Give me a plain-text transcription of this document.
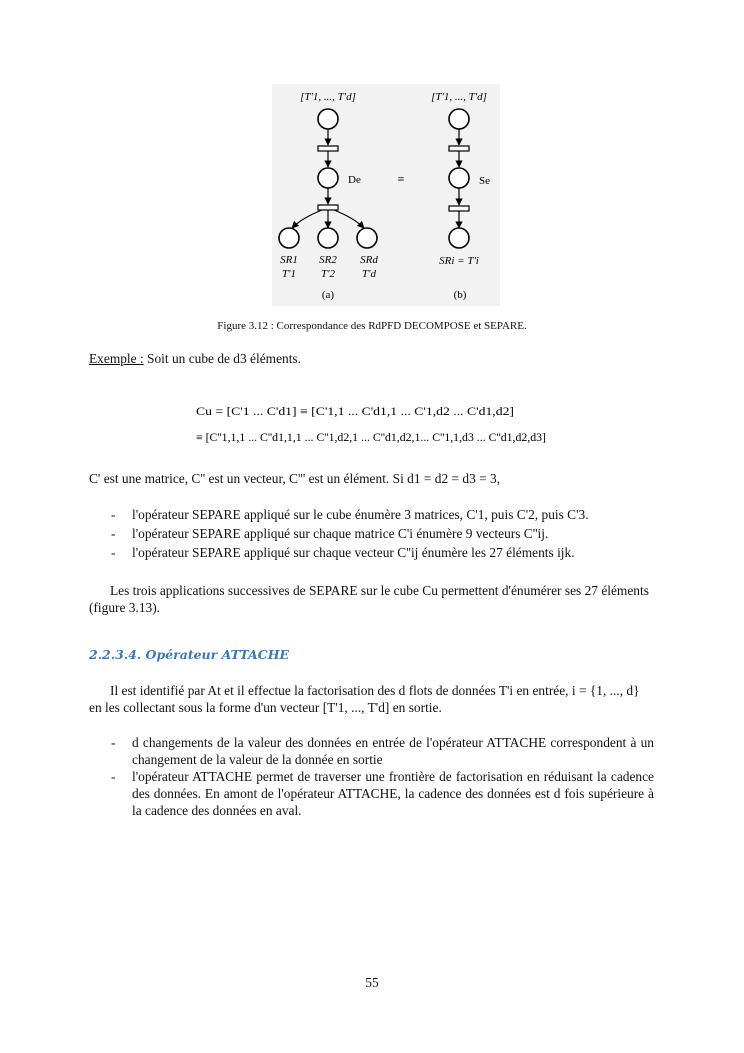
[T'1, ..., T'd]
De
SR1
T'1
SR2
T'2
SRd
T'd
(a)
≡
[T'1, ..., T'd]
Se
SRi = T'i
(b)
Figure 3.12 : Correspondance des RdPFD DECOMPOSE et SEPARE.
Exemple : Soit un cube de d3 éléments.
Cu = [C'1 ... C'd1] ≡ [C'1,1 ... C'd1,1 ... C'1,d2 ... C'd1,d2]
≡ [C''1,1,1 ... C''d1,1,1 ... C''1,d2,1 ... C''d1,d2,1... C''1,1,d3 ... C''d1,d2,d3]
C' est une matrice, C'' est un vecteur, C''' est un élément. Si d1 = d2 = d3 = 3,
- l'opérateur SEPARE appliqué sur le cube énumère 3 matrices, C'1, puis C'2, puis C'3.
- l'opérateur SEPARE appliqué sur chaque matrice C'i énumère 9 vecteurs C''ij.
- l'opérateur SEPARE appliqué sur chaque vecteur C''ij énumère les 27 éléments ijk.
Les trois applications successives de SEPARE sur le cube Cu permettent d'énumérer ses 27 éléments (figure 3.13).
2.2.3.4. Opérateur ATTACHE
Il est identifié par At et il effectue la factorisation des d flots de données T'i en entrée, i = {1, ..., d} en les collectant sous la forme d'un vecteur [T'1, ..., T'd] en sortie.
- d changements de la valeur des données en entrée de l'opérateur ATTACHE correspondent à un changement de la valeur de la donnée en sortie
- l'opérateur ATTACHE permet de traverser une frontière de factorisation en réduisant la cadence des données. En amont de l'opérateur ATTACHE, la cadence des données est d fois supérieure à la cadence des données en aval.
55
